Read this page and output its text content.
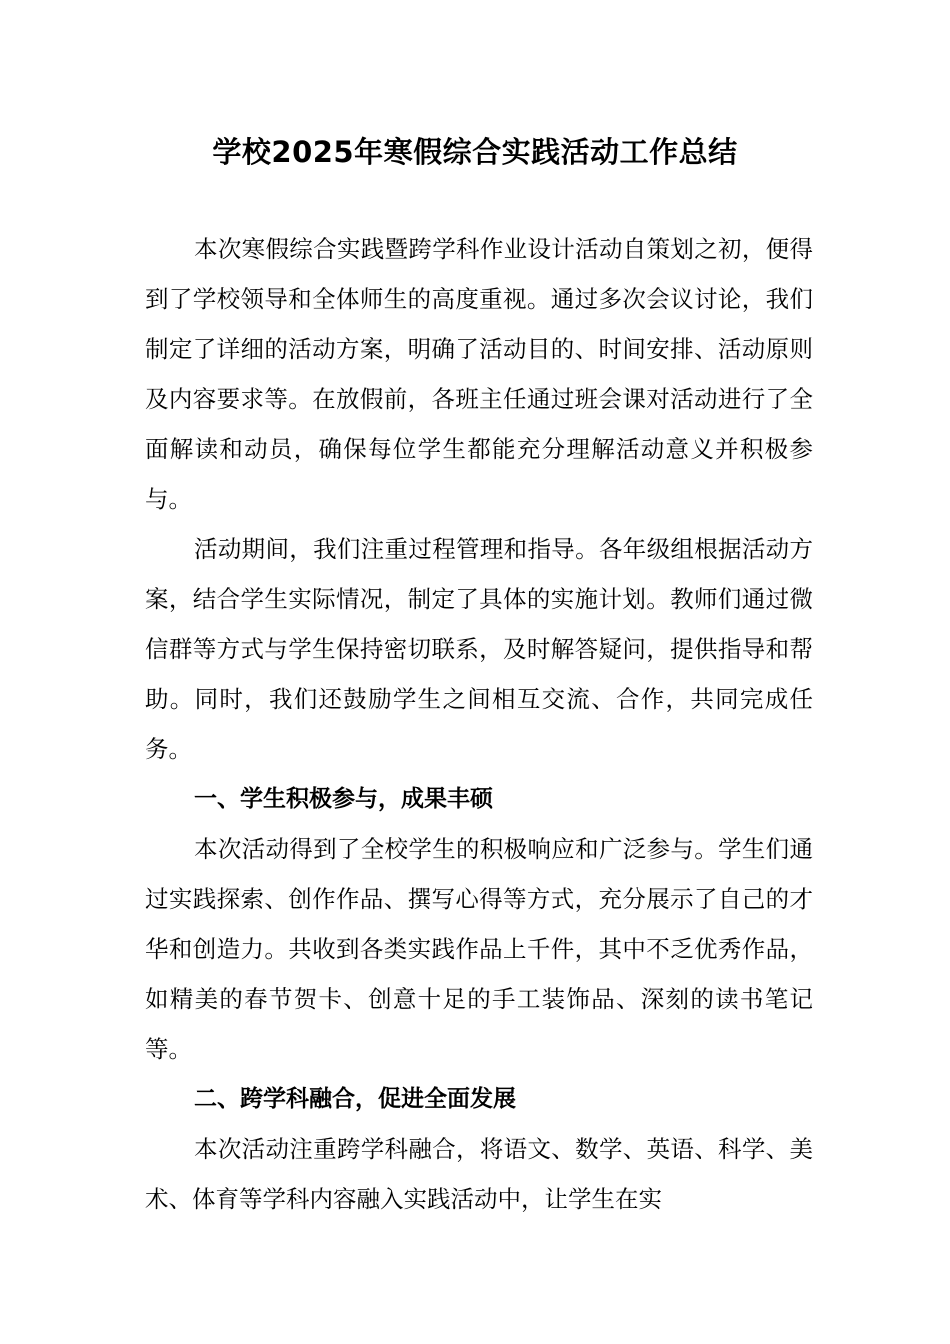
学校2025年寒假综合实践活动工作总结

本次寒假综合实践暨跨学科作业设计活动自策划之初，便得到了学校领导和全体师生的高度重视。通过多次会议讨论，我们制定了详细的活动方案，明确了活动目的、时间安排、活动原则及内容要求等。在放假前，各班主任通过班会课对活动进行了全面解读和动员，确保每位学生都能充分理解活动意义并积极参与。

活动期间，我们注重过程管理和指导。各年级组根据活动方案，结合学生实际情况，制定了具体的实施计划。教师们通过微信群等方式与学生保持密切联系，及时解答疑问，提供指导和帮助。同时，我们还鼓励学生之间相互交流、合作，共同完成任务。

一、学生积极参与，成果丰硕

本次活动得到了全校学生的积极响应和广泛参与。学生们通过实践探索、创作作品、撰写心得等方式，充分展示了自己的才华和创造力。共收到各类实践作品上千件，其中不乏优秀作品，如精美的春节贺卡、创意十足的手工装饰品、深刻的读书笔记等。

二、跨学科融合，促进全面发展

本次活动注重跨学科融合，将语文、数学、英语、科学、美术、体育等学科内容融入实践活动中，让学生在实
